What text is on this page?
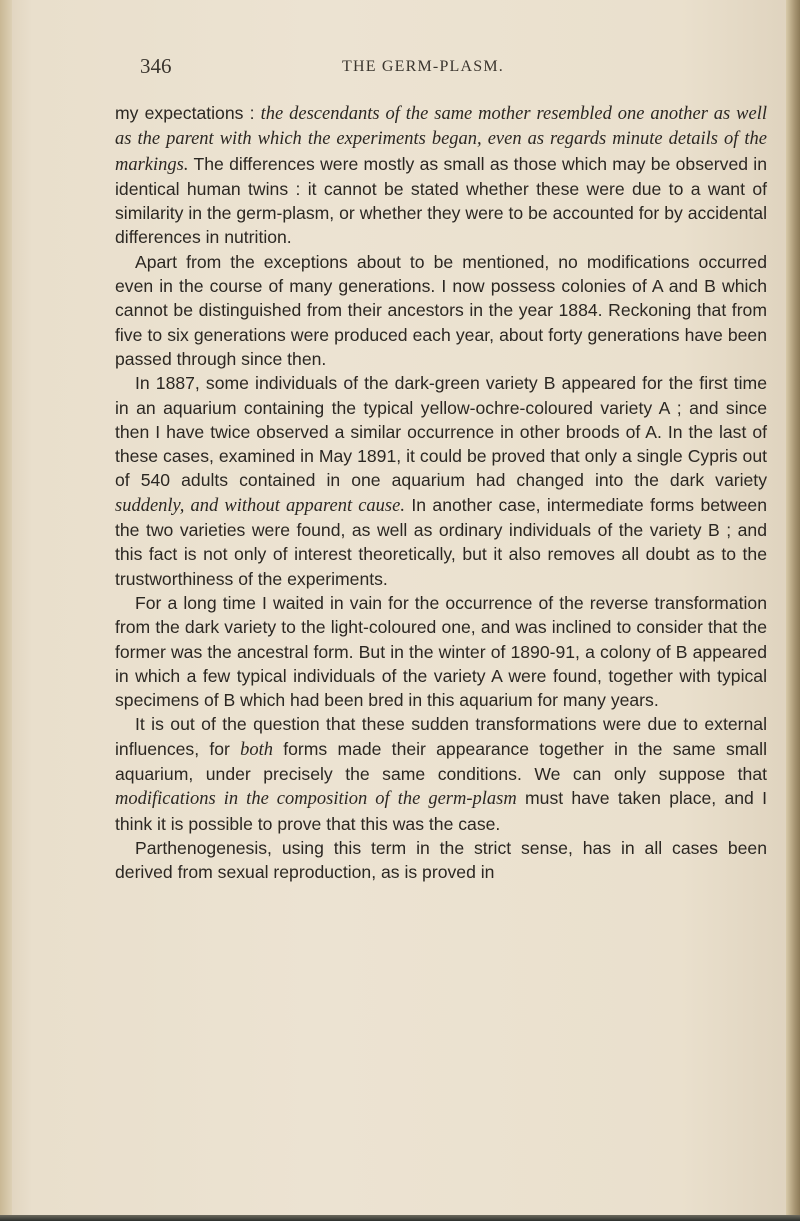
346	THE GERM-PLASM.

my expectations : the descendants of the same mother resembled one another as well as the parent with which the experiments began, even as regards minute details of the markings. The differences were mostly as small as those which may be observed in identical human twins : it cannot be stated whether these were due to a want of similarity in the germ-plasm, or whether they were to be accounted for by accidental differences in nutrition.

Apart from the exceptions about to be mentioned, no modifications occurred even in the course of many generations. I now possess colonies of A and B which cannot be distinguished from their ancestors in the year 1884. Reckoning that from five to six generations were produced each year, about forty generations have been passed through since then.

In 1887, some individuals of the dark-green variety B appeared for the first time in an aquarium containing the typical yellow-ochre-coloured variety A ; and since then I have twice observed a similar occurrence in other broods of A. In the last of these cases, examined in May 1891, it could be proved that only a single Cypris out of 540 adults contained in one aquarium had changed into the dark variety suddenly, and without apparent cause. In another case, intermediate forms between the two varieties were found, as well as ordinary individuals of the variety B ; and this fact is not only of interest theoretically, but it also removes all doubt as to the trustworthiness of the experiments.

For a long time I waited in vain for the occurrence of the reverse transformation from the dark variety to the light-coloured one, and was inclined to consider that the former was the ancestral form. But in the winter of 1890-91, a colony of B appeared in which a few typical individuals of the variety A were found, together with typical specimens of B which had been bred in this aquarium for many years.

It is out of the question that these sudden transformations were due to external influences, for both forms made their appearance together in the same small aquarium, under precisely the same conditions. We can only suppose that modifications in the composition of the germ-plasm must have taken place, and I think it is possible to prove that this was the case.

Parthenogenesis, using this term in the strict sense, has in all cases been derived from sexual reproduction, as is proved in
